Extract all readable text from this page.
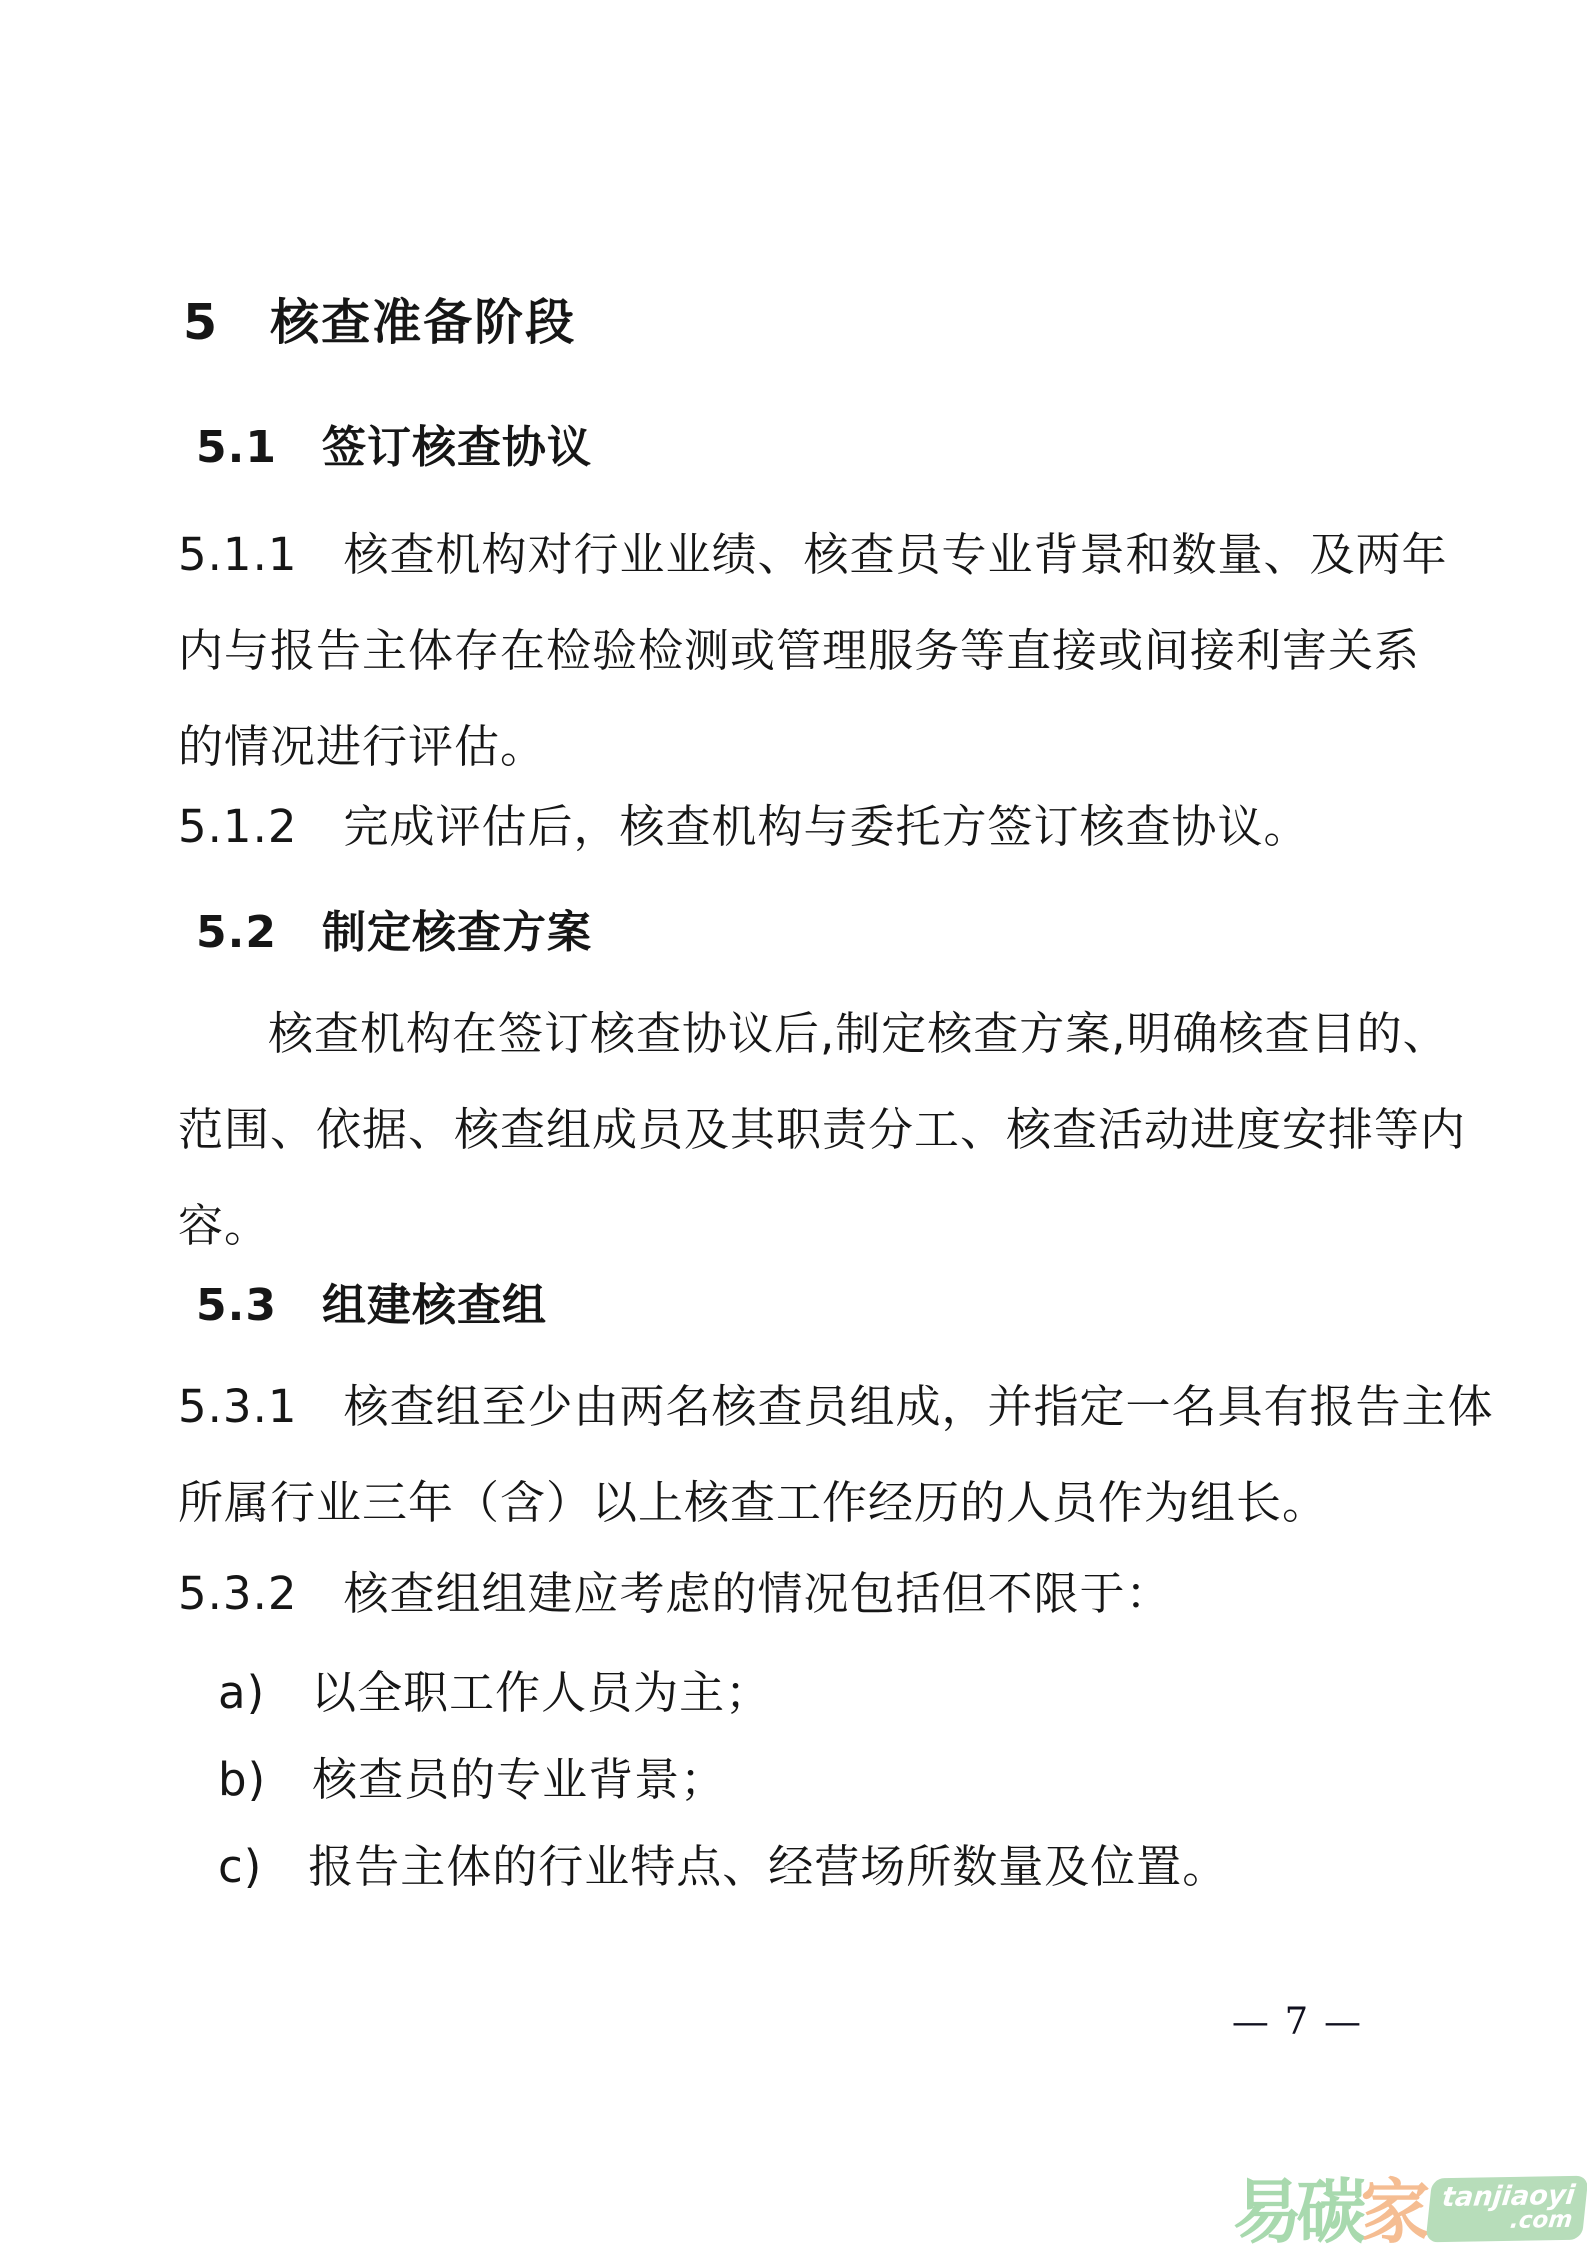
5　核查准备阶段
5.1　签订核查协议
5.1.1　核查机构对行业业绩、核查员专业背景和数量、及两年
内与报告主体存在检验检测或管理服务等直接或间接利害关系
的情况进行评估。
5.1.2　完成评估后，核查机构与委托方签订核查协议。
5.2　制定核查方案
核查机构在签订核查协议后,制定核查方案,明确核查目的、
范围、依据、核查组成员及其职责分工、核查活动进度安排等内
容。
5.3　组建核查组
5.3.1　核查组至少由两名核查员组成，并指定一名具有报告主体
所属行业三年（含）以上核查工作经历的人员作为组长。
5.3.2　核查组组建应考虑的情况包括但不限于：
a)　以全职工作人员为主；
b)　核查员的专业背景；
c)　报告主体的行业特点、经营场所数量及位置。
— 7 —
易碳家 tanjiaoyi
.com
